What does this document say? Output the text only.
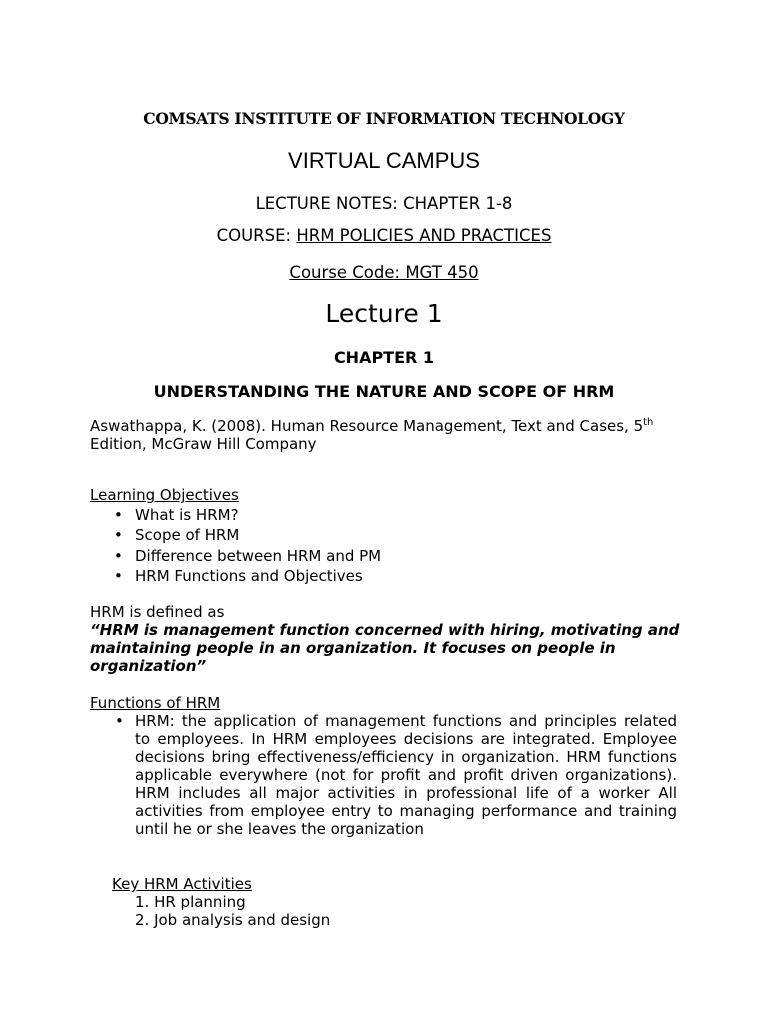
COMSATS INSTITUTE OF INFORMATION TECHNOLOGY
VIRTUAL CAMPUS
LECTURE NOTES: CHAPTER 1-8
COURSE: HRM POLICIES AND PRACTICES
Course Code: MGT 450
Lecture 1
CHAPTER 1
UNDERSTANDING THE NATURE AND SCOPE OF HRM
Aswathappa, K. (2008). Human Resource Management, Text and Cases, 5th Edition, McGraw Hill Company
Learning Objectives
• What is HRM?
• Scope of HRM
• Difference between HRM and PM
• HRM Functions and Objectives
HRM is defined as
“HRM is management function concerned with hiring, motivating and maintaining people in an organization. It focuses on people in organization”
Functions of HRM
• HRM: the application of management functions and principles related to employees. In HRM employees decisions are integrated. Employee decisions bring effectiveness/efficiency in organization. HRM functions applicable everywhere (not for profit and profit driven organizations). HRM includes all major activities in professional life of a worker All activities from employee entry to managing performance and training until he or she leaves the organization
Key HRM Activities
1. HR planning
2. Job analysis and design
